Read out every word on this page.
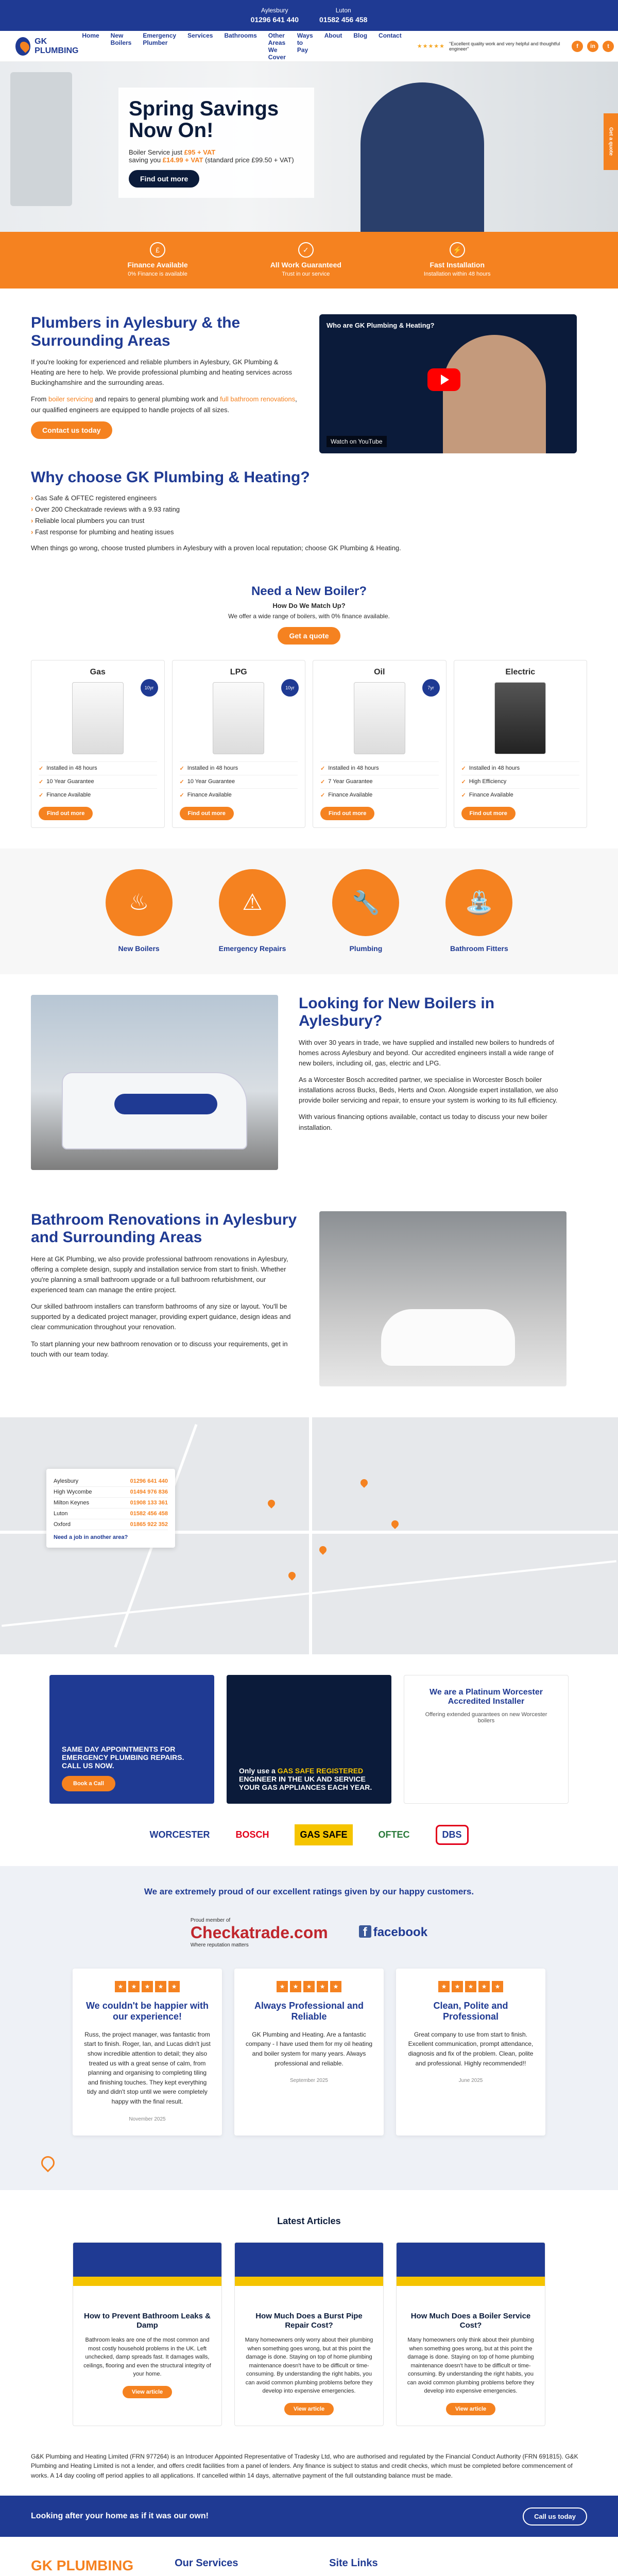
Aylesbury
01296 641 440
Luton
01582 456 458
GK PLUMBING
Home New Boilers
Emergency Plumber
Services Bathrooms Other Areas We Cover
Ways to Pay
About Blog Contact
★★★★★ "Excellent quality work and very helpful and thoughtful engineer"	f	in	t
Spring Savings Now On!

Boiler Service just £95 + VAT
saving you £14.99 + VAT (standard price £99.50 + VAT)

Find out more
Get a quote
£
Finance Available
0% Finance is available
✓
All Work Guaranteed
Trust in our service
⚡
Fast Installation
Installation within 48 hours
Plumbers in Aylesbury & the Surrounding Areas

If you're looking for experienced and reliable plumbers in Aylesbury, GK Plumbing & Heating are here to help. We provide professional plumbing and heating services across Buckinghamshire and the surrounding areas.

From boiler servicing and repairs to general plumbing work and full bathroom renovations, our qualified engineers are equipped to handle projects of all sizes.

Contact us today
Who are GK Plumbing & Heating?
Watch on YouTube
Why choose GK Plumbing & Heating?
› Gas Safe & OFTEC registered engineers
› Over 200 Checkatrade reviews with a 9.93 rating
› Reliable local plumbers you can trust
› Fast response for plumbing and heating issues

When things go wrong, choose trusted plumbers in Aylesbury with a proven local reputation; choose GK Plumbing & Heating.

Need a New Boiler?
How Do We Match Up?
We offer a wide range of boilers, with 0% finance available.
Get a quote
Gas
10yr
✓ Installed in 48 hours
✓ 10 Year Guarantee
✓ Finance Available
Find out more
LPG
10yr
✓ Installed in 48 hours
✓ 10 Year Guarantee
✓ Finance Available
Find out more
Oil
7yr
✓ Installed in 48 hours
✓ 7 Year Guarantee
✓ Finance Available
Find out more
Electric
✓ Installed in 48 hours
✓ High Efficiency
✓ Finance Available
Find out more
♨
New Boilers
⚠
Emergency Repairs
🔧
Plumbing
⛲
Bathroom Fitters
Looking for New Boilers in Aylesbury?

With over 30 years in trade, we have supplied and installed new boilers to hundreds of homes across Aylesbury and beyond. Our accredited engineers install a wide range of new boilers, including oil, gas, electric and LPG.

As a Worcester Bosch accredited partner, we specialise in Worcester Bosch boiler installations across Bucks, Beds, Herts and Oxon. Alongside expert installation, we also provide boiler servicing and repair, to ensure your system is working to its full efficiency.

With various financing options available, contact us today to discuss your new boiler installation.

Bathroom Renovations in Aylesbury and Surrounding Areas

Here at GK Plumbing, we also provide professional bathroom renovations in Aylesbury, offering a complete design, supply and installation service from start to finish. Whether you're planning a small bathroom upgrade or a full bathroom refurbishment, our experienced team can manage the entire project.

Our skilled bathroom installers can transform bathrooms of any size or layout. You'll be supported by a dedicated project manager, providing expert guidance, design ideas and clear communication throughout your renovation.

To start planning your new bathroom renovation or to discuss your requirements, get in touch with our team today.

Aylesbury	01296 641 440
High Wycombe	01494 976 836
Milton Keynes	01908 133 361
Luton	01582 456 458
Oxford	01865 922 352
Need a job in another area?
SAME DAY APPOINTMENTS FOR EMERGENCY PLUMBING REPAIRS. CALL US NOW.
Book a Call
Only use a GAS SAFE REGISTERED ENGINEER IN THE UK AND SERVICE YOUR GAS APPLIANCES EACH YEAR.
We are a Platinum Worcester Accredited Installer
Offering extended guarantees on new Worcester boilers
WORCESTER	BOSCH	GAS SAFE	OFTEC	DBS
We are extremely proud of our excellent ratings given by our happy customers.
Proud member of
Checkatrade.com
Where reputation matters
f facebook
★	★	★	★	★
We couldn't be happier with our experience!

Russ, the project manager, was fantastic from start to finish. Roger, Ian, and Lucas didn't just show incredible attention to detail; they also treated us with a great sense of calm, from planning and organising to completing tiling and finishing touches. They kept everything tidy and didn't stop until we were completely happy with the final result.

November 2025
★	★	★	★	★
Always Professional and Reliable

GK Plumbing and Heating. Are a fantastic company - I have used them for my oil heating and boiler system for many years. Always professional and reliable.

September 2025
★	★	★	★	★
Clean, Polite and Professional

Great company to use from start to finish. Excellent communication, prompt attendance, diagnosis and fix of the problem. Clean, polite and professional. Highly recommended!!

June 2025
Latest Articles
How to Prevent Bathroom Leaks & Damp

Bathroom leaks are one of the most common and most costly household problems in the UK. Left unchecked, damp spreads fast. It damages walls, ceilings, flooring and even the structural integrity of your home.

View article
How Much Does a Burst Pipe Repair Cost?

Many homeowners only worry about their plumbing when something goes wrong, but at this point the damage is done. Staying on top of home plumbing maintenance doesn't have to be difficult or time-consuming. By understanding the right habits, you can avoid common plumbing problems before they develop into expensive emergencies.

View article
How Much Does a Boiler Service Cost?

Many homeowners only think about their plumbing when something goes wrong, but at this point the damage is done. Staying on top of home plumbing maintenance doesn't have to be difficult or time-consuming. By understanding the right habits, you can avoid common plumbing problems before they develop into expensive emergencies.

View article
G&K Plumbing and Heating Limited (FRN 977264) is an Introducer Appointed Representative of Tradesky Ltd, who are authorised and regulated by the Financial Conduct Authority (FRN 691815). G&K Plumbing and Heating Limited is not a lender, and offers credit facilities from a panel of lenders. Any finance is subject to status and credit checks, which must be completed before commencement of works. A 14 day cooling off period applies to all applications. If cancelled within 14 days, alternative payment of the full outstanding balance must be made.
Looking after your home as if it was our own!	Call us today
GK PLUMBING	Our Services	Site Links
